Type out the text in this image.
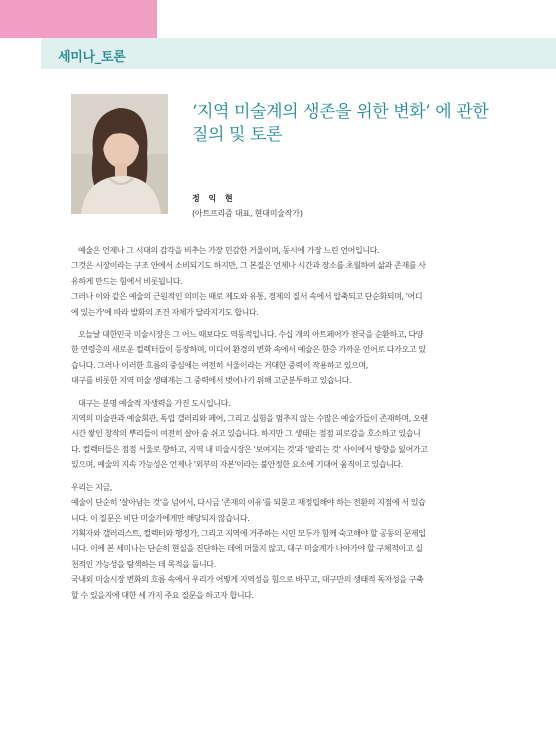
세미나_토론
‘지역 미술계의 생존을 위한 변화’ 에 관한
질의 및 토론
정 익 현
(아트프리즘 대표, 현대미술작가)

예술은 언제나 그 시대의 감각을 비추는 가장 민감한 거울이며, 동시에 가장 느린 언어입니다.
그것은 시장이라는 구조 안에서 소비되기도 하지만, 그 본질은 언제나 시간과 장소를 초월하여 삶과 존재를 사
유하게 만드는 힘에서 비롯됩니다.
그러나 이와 같은 예술의 근원적인 의미는 때로 제도와 유통, 경제의 질서 속에서 압축되고 단순화되며, '어디
에 있는가'에 따라 발화의 조건 자체가 달라지기도 합니다.

오늘날 대한민국 미술시장은 그 어느 때보다도 역동적입니다. 수십 개의 아트페어가 전국을 순환하고, 다양
한 연령층의 새로운 컬렉터들이 등장하며, 미디어 환경의 변화 속에서 예술은 한층 가까운 언어로 다가오고 있
습니다. 그러나 이러한 흐름의 중심에는 여전히 서울이라는 거대한 중력이 작용하고 있으며,
대구를 비롯한 지역 미술 생태계는 그 중력에서 벗어나기 위해 고군분투하고 있습니다.

대구는 분명 예술적 자생력을 가진 도시입니다.
지역의 미술관과 예술회관, 독립 갤러리와 페어, 그리고 실험을 멈추지 않는 수많은 예술가들이 존재하며, 오랜
시간 쌓인 창작의 뿌리들이 여전히 살아 숨 쉬고 있습니다. 하지만 그 생태는 점점 피로감을 호소하고 있습니
다. 컬렉터들은 점점 서울로 향하고, 지역 내 미술시장은 '보여지는 것'과 '팔리는 것' 사이에서 방향을 잃어가고
있으며, 예술의 지속 가능성은 언제나 '외부의 자본'이라는 불안정한 요소에 기대어 움직이고 있습니다.

우리는 지금,
예술이 단순히 '살아남는 것'을 넘어서, 다시금 '존재의 이유'를 되묻고 재정립해야 하는 전환의 지점에 서 있습
니다. 이 질문은 비단 미술가에게만 해당되지 않습니다.
기획자와 갤러리스트, 컬렉터와 행정가, 그리고 지역에 거주하는 시민 모두가 함께 숙고해야 할 공동의 문제입
니다. 이에 본 세미나는 단순히 현실을 진단하는 데에 머물지 않고, 대구 미술계가 나아가야 할 구체적이고 실
천적인 가능성을 탐색하는 데 목적을 둡니다.
국내외 미술시장 변화의 흐름 속에서 우리가 어떻게 지역성을 힘으로 바꾸고, 대구만의 생태적 독자성을 구축
할 수 있을지에 대한 세 가지 주요 질문을 하고자 합니다.
